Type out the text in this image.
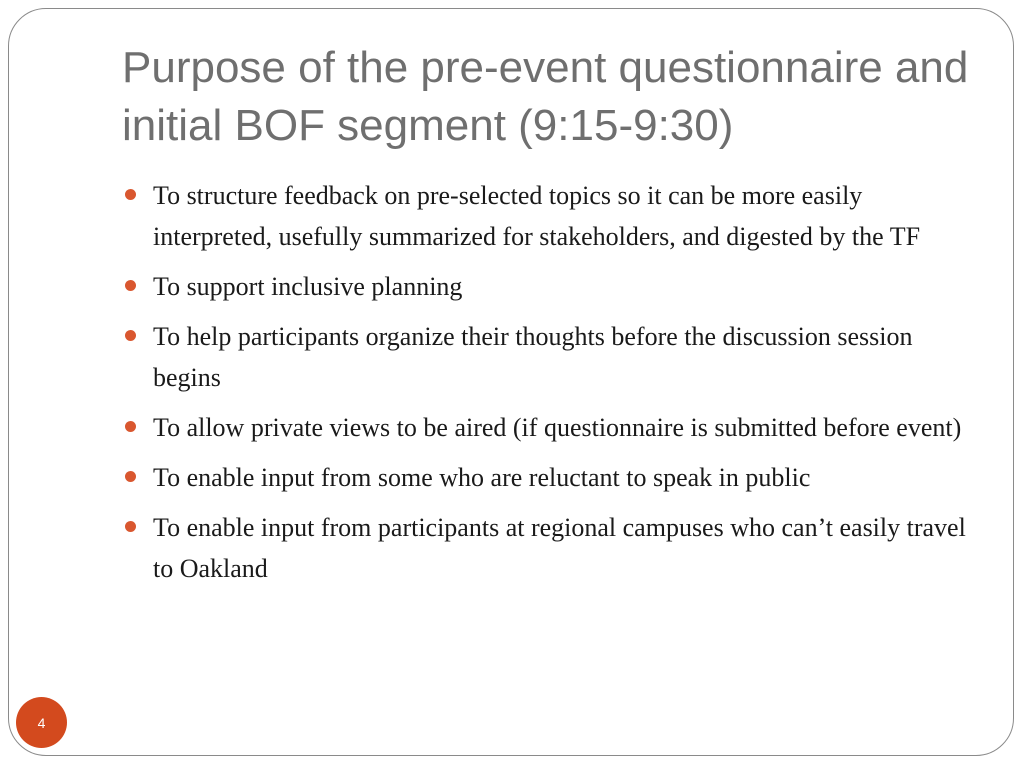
Purpose of the pre-event questionnaire and initial BOF segment (9:15-9:30)
To structure feedback on pre-selected topics so it can be more easily interpreted, usefully summarized for stakeholders, and digested by the TF
To support inclusive planning
To help participants organize their thoughts before the discussion session begins
To allow private views to be aired (if questionnaire is submitted before event)
To enable input from some who are reluctant to speak in public
To enable input from participants at regional campuses who can’t easily travel to Oakland
4
